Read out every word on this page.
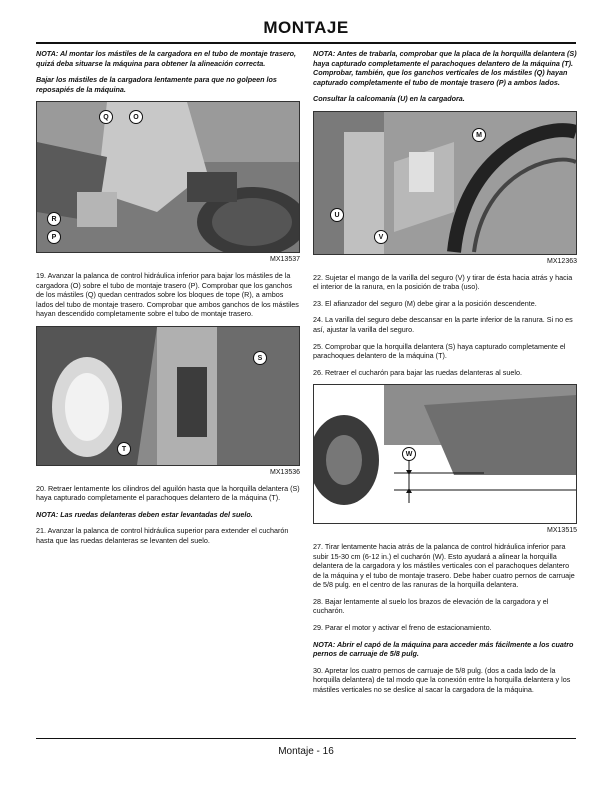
MONTAJE

NOTA: Al montar los mástiles de la cargadora en el tubo de montaje trasero, quizá deba situarse la máquina para obtener la alineación correcta.

Bajar los mástiles de la cargadora lentamente para que no golpeen los reposapiés de la máquina.

Q	O
R
P
MX13537

19. Avanzar la palanca de control hidráulica inferior para bajar los mástiles de la cargadora (O) sobre el tubo de montaje trasero (P). Comprobar que los ganchos de los mástiles (Q) quedan centrados sobre los bloques de tope (R), a ambos lados del tubo de montaje trasero. Comprobar que ambos ganchos de los mástiles hayan descendido completamente sobre el tubo de montaje trasero.

S
T
MX13536

20. Retraer lentamente los cilindros del aguilón hasta que la horquilla delantera (S) haya capturado completamente el parachoques delantero de la máquina (T).

NOTA: Las ruedas delanteras deben estar levantadas del suelo.

21. Avanzar la palanca de control hidráulica superior para extender el cucharón hasta que las ruedas delanteras se levanten del suelo.

NOTA: Antes de trabarla, comprobar que la placa de la horquilla delantera (S) haya capturado completamente el parachoques delantero de la máquina (T). Comprobar, también, que los ganchos verticales de los mástiles (Q) hayan capturado completamente el tubo de montaje trasero (P) a ambos lados.

Consultar la calcomanía (U) en la cargadora.

M
U
V
MX12363

22. Sujetar el mango de la varilla del seguro (V) y tirar de ésta hacia atrás y hacia el interior de la ranura, en la posición de traba (uso).

23. El afianzador del seguro (M) debe girar a la posición descendente.

24. La varilla del seguro debe descansar en la parte inferior de la ranura. Si no es así, ajustar la varilla del seguro.

25. Comprobar que la horquilla delantera (S) haya capturado completamente el parachoques delantero de la máquina (T).

26. Retraer el cucharón para bajar las ruedas delanteras al suelo.

W
MX13515

27. Tirar lentamente hacia atrás de la palanca de control hidráulica inferior para subir 15-30 cm (6-12 in.) el cucharón (W). Esto ayudará a alinear la horquilla delantera de la cargadora y los mástiles verticales con el parachoques delantero de la máquina y el tubo de montaje trasero. Debe haber cuatro pernos de carruaje de 5/8 pulg. en el centro de las ranuras de la horquilla delantera.

28. Bajar lentamente al suelo los brazos de elevación de la cargadora y el cucharón.

29. Parar el motor y activar el freno de estacionamiento.

NOTA: Abrir el capó de la máquina para acceder más fácilmente a los cuatro pernos de carruaje de 5/8 pulg.

30. Apretar los cuatro pernos de carruaje de 5/8 pulg. (dos a cada lado de la horquilla delantera) de tal modo que la conexión entre la horquilla delantera y los mástiles verticales no se deslice al sacar la cargadora de la máquina.

Montaje - 16
